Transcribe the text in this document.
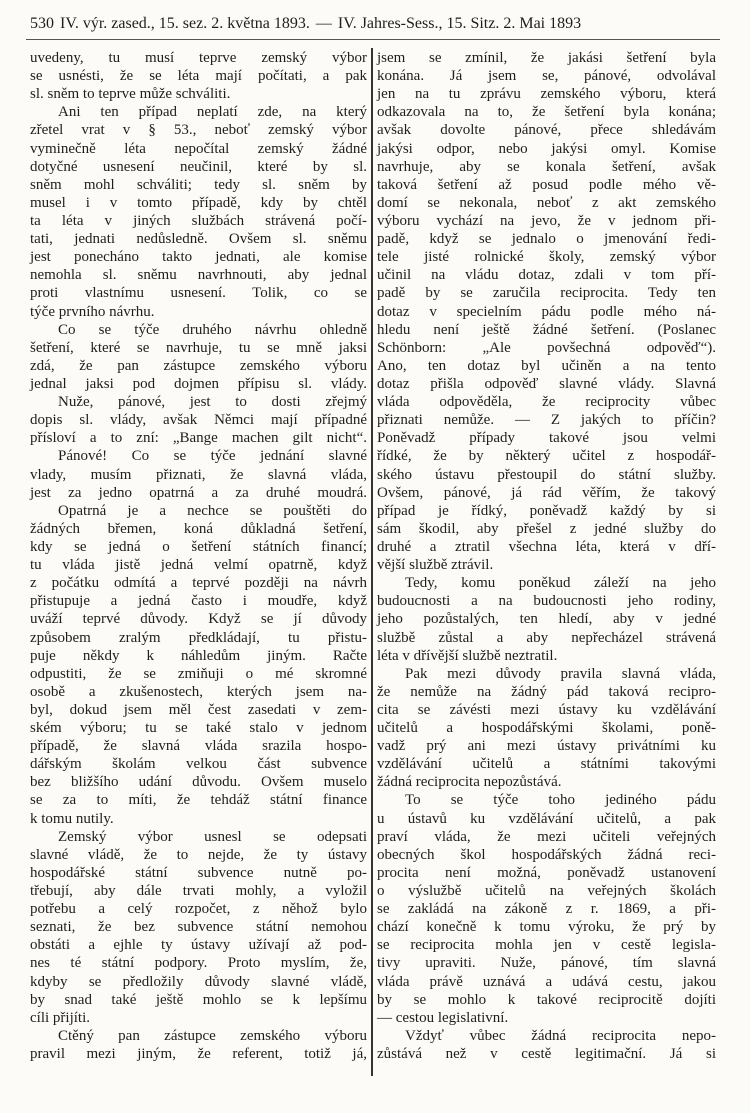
530 IV. výr. zased., 15. sez. 2. května 1893. — IV. Jahres-Sess., 15. Sitz. 2. Mai 1893
uvedeny, tu musí teprve zemský výbor
se usnésti, že se léta mají počítati, a pak
sl. sněm to teprve může schváliti.
Ani ten případ neplatí zde, na který
zřetel vrat v § 53., neboť zemský výbor
vyminečně léta nepočítal zemský žádné
dotyčné usnesení neučinil, které by sl.
sněm mohl schváliti; tedy sl. sněm by
musel i v tomto případě, kdy by chtěl
ta léta v jiných službách strávená počí-
tati, jednati nedůsledně. Ovšem sl. sněmu
jest ponecháno takto jednati, ale komise
nemohla sl. sněmu navrhnouti, aby jednal
proti vlastnímu usnesení. Tolik, co se
týče prvního návrhu.
Co se týče druhého návrhu ohledně
šetření, které se navrhuje, tu se mně jaksi
zdá, že pan zástupce zemského výboru
jednal jaksi pod dojmen přípisu sl. vlády.
Nuže, pánové, jest to dosti zřejmý
dopis sl. vlády, avšak Němci mají případné
přísloví a to zní: „Bange machen gilt nicht“.
Pánové! Co se týče jednání slavné
vlady, musím přiznati, že slavná vláda,
jest za jedno opatrná a za druhé moudrá.
Opatrná je a nechce se pouštěti do
žádných břemen, koná důkladná šetření,
kdy se jedná o šetření státních financí;
tu vláda jistě jedná velmí opatrně, když
z počátku odmítá a teprvé později na návrh
přistupuje a jedná často i moudře, když
uváží teprvé důvody. Když se jí důvody
způsobem zralým předkládají, tu přistu-
puje někdy k náhledům jiným. Račte
odpustiti, že se zmiňuji o mé skromné
osobě a zkušenostech, kterých jsem na-
byl, dokud jsem měl čest zasedati v zem-
ském výboru; tu se také stalo v jednom
případě, že slavná vláda srazila hospo-
dářským školám velkou část subvence
bez bližšího udání důvodu. Ovšem muselo
se za to míti, že tehdáž státní finance
k tomu nutily.
Zemský výbor usnesl se odepsati
slavné vládě, že to nejde, že ty ústavy
hospodářské státní subvence nutně po-
třebují, aby dále trvati mohly, a vyložil
potřebu a celý rozpočet, z něhož bylo
seznati, že bez subvence státní nemohou
obstáti a ejhle ty ústavy užívají až pod-
nes té státní podpory. Proto myslím, že,
kdyby se předložily důvody slavné vládě,
by snad také ještě mohlo se k lepšímu
cíli přijíti.
Ctěný pan zástupce zemského výboru
pravil mezi jiným, že referent, totiž já,
jsem se zmínil, že jakási šetření byla
konána. Já jsem se, pánové, odvolával
jen na tu zprávu zemského výboru, která
odkazovala na to, že šetření byla konána;
avšak dovolte pánové, přece shledávám
jakýsi odpor, nebo jakýsi omyl. Komise
navrhuje, aby se konala šetření, avšak
taková šetření až posud podle mého vě-
domí se nekonala, neboť z akt zemského
výboru vychází na jevo, že v jednom při-
padě, když se jednalo o jmenování ředi-
tele jisté rolnické školy, zemský výbor
učinil na vládu dotaz, zdali v tom pří-
padě by se zaručila reciprocita. Tedy ten
dotaz v specielním pádu podle mého ná-
hledu není ještě žádné šetření. (Poslanec
Schönborn: „Ale povšechná odpověď“).
Ano, ten dotaz byl učiněn a na tento
dotaz přišla odpověď slavné vlády. Slavná
vláda odpověděla, že reciprocity vůbec
přiznati nemůže. — Z jakých to příčin?
Poněvadž případy takové jsou velmi
řídké, že by některý učitel z hospodář-
ského ústavu přestoupil do státní služby.
Ovšem, pánové, já rád věřím, že takový
případ je řídký, poněvadž každý by si
sám škodil, aby přešel z jedné služby do
druhé a ztratil všechna léta, která v dří-
vější službě ztrávil.
Tedy, komu poněkud záleží na jeho
budoucnosti a na budoucnosti jeho rodiny,
jeho pozůstalých, ten hledí, aby v jedné
službě zůstal a aby nepřecházel strávená
léta v dřívější službě neztratil.
Pak mezi důvody pravila slavná vláda,
že nemůže na žádný pád taková recipro-
cita se závésti mezi ústavy ku vzdělávání
učitelů a hospodářskými školami, poně-
vadž prý ani mezi ústavy privátními ku
vzdělávání učitelů a státními takovými
žádná reciprocita nepozůstává.
To se týče toho jediného pádu
u ústavů ku vzdělávání učitelů, a pak
praví vláda, že mezi učiteli veřejných
obecných škol hospodářských žádná reci-
procita není možná, poněvadž ustanovení
o výslužbě učitelů na veřejných školách
se zakládá na zákoně z r. 1869, a při-
chází konečně k tomu výroku, že prý by
se reciprocita mohla jen v cestě legisla-
tivy upraviti. Nuže, pánové, tím slavná
vláda právě uznává a udává cestu, jakou
by se mohlo k takové reciprocitě dojíti
— cestou legislativní.
Vždyť vůbec žádná reciprocita nepo-
zůstává než v cestě legitimační. Já si
